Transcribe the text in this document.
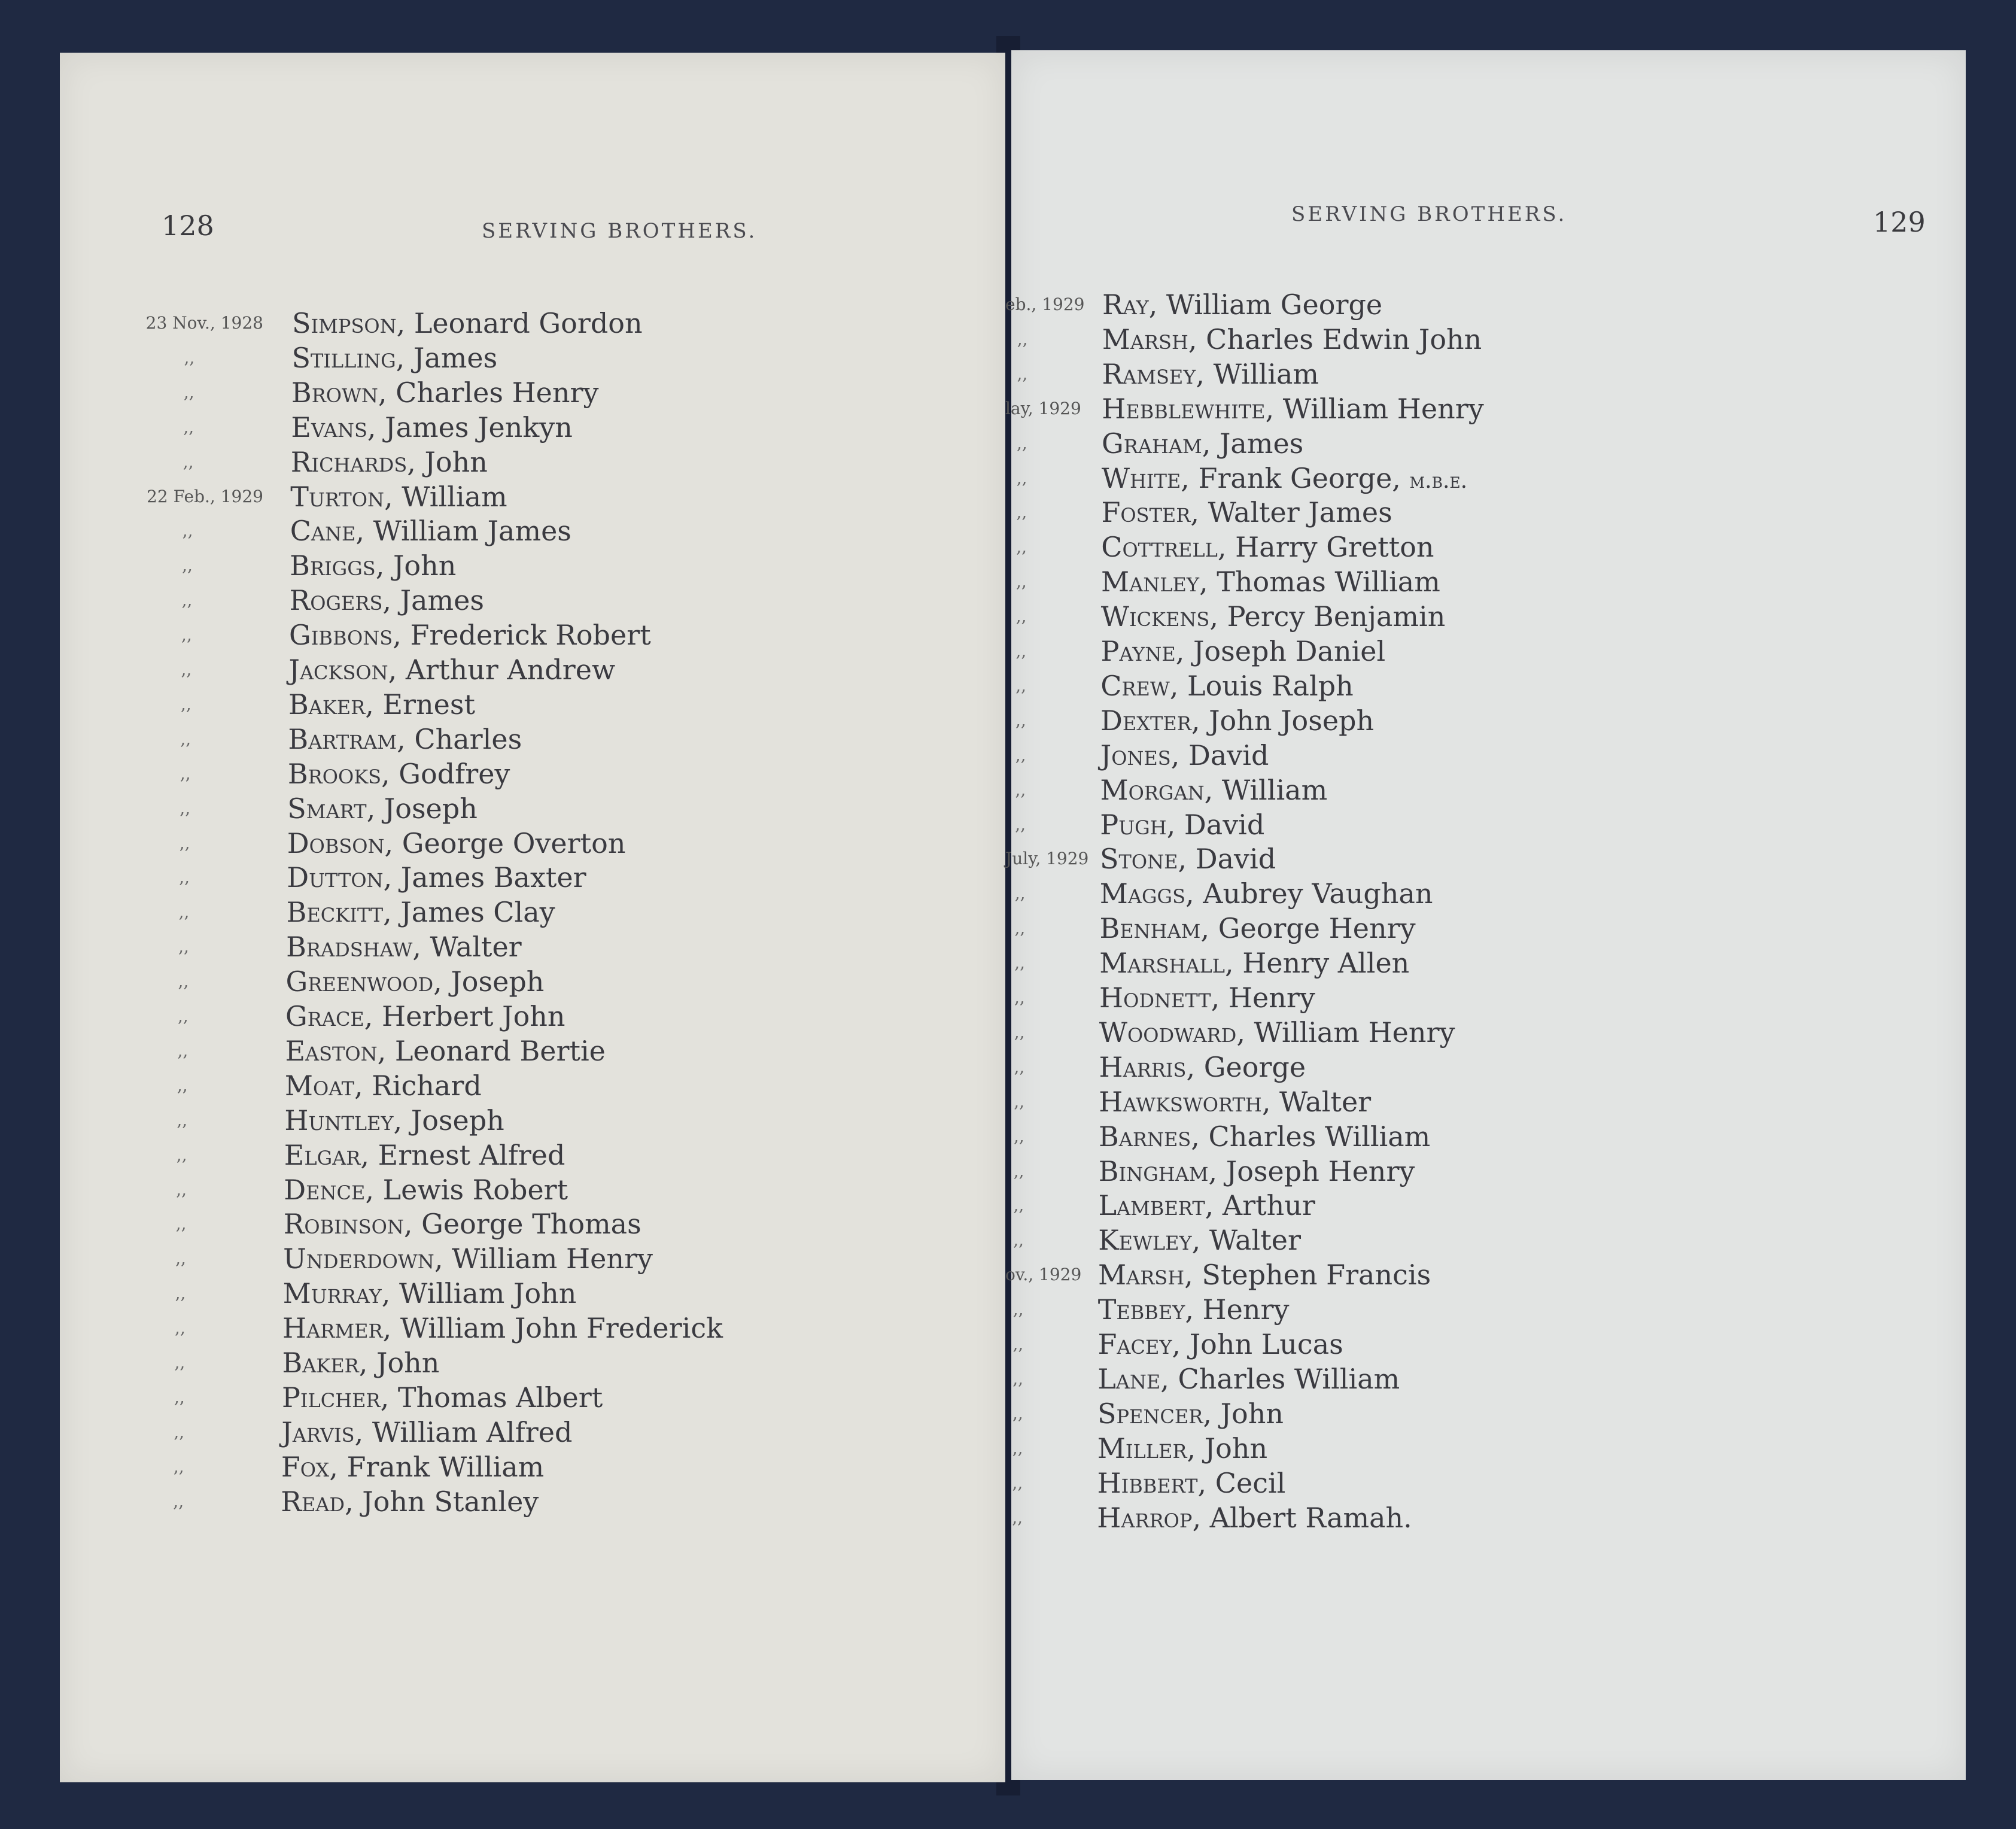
128	SERVING BROTHERS.
23 Nov., 1928 Simpson, Leonard Gordon
,,	Stilling, James
,,	Brown, Charles Henry
,,	Evans, James Jenkyn
,,	Richards, John
22 Feb., 1929 Turton, William
,,	Cane, William James
,,	Briggs, John
,,	Rogers, James
,,	Gibbons, Frederick Robert
,,	Jackson, Arthur Andrew
,,	Baker, Ernest
,,	Bartram, Charles
,,	Brooks, Godfrey
,,	Smart, Joseph
,,	Dobson, George Overton
,,	Dutton, James Baxter
,,	Beckitt, James Clay
,,	Bradshaw, Walter
,,	Greenwood, Joseph
,,	Grace, Herbert John
,,	Easton, Leonard Bertie
,,	Moat, Richard
,,	Huntley, Joseph
,,	Elgar, Ernest Alfred
,,	Dence, Lewis Robert
,,	Robinson, George Thomas
,,	Underdown, William Henry
,,	Murray, William John
,,	Harmer, William John Frederick
,,	Baker, John
,,	Pilcher, Thomas Albert
,,	Jarvis, William Alfred
,,	Fox, Frank William
,,	Read, John Stanley
SERVING BROTHERS.	129
eb., 1929 Ray, William George
,,	Marsh, Charles Edwin John
,,	Ramsey, William
lay, 1929 Hebblewhite, William Henry
,,	Graham, James
,,	White, Frank George, m.b.e.
,,	Foster, Walter James
,,	Cottrell, Harry Gretton
,,	Manley, Thomas William
,,	Wickens, Percy Benjamin
,,	Payne, Joseph Daniel
,,	Crew, Louis Ralph
,,	Dexter, John Joseph
,,	Jones, David
,,	Morgan, William
,,	Pugh, David
July, 1929 Stone, David
,,	Maggs, Aubrey Vaughan
,,	Benham, George Henry
,,	Marshall, Henry Allen
,,	Hodnett, Henry
,,	Woodward, William Henry
,,	Harris, George
,,	Hawksworth, Walter
,,	Barnes, Charles William
,,	Bingham, Joseph Henry
,,	Lambert, Arthur
,,	Kewley, Walter
ov., 1929 Marsh, Stephen Francis
,,	Tebbey, Henry
,,	Facey, John Lucas
,,	Lane, Charles William
,,	Spencer, John
,,	Miller, John
,,	Hibbert, Cecil
,,	Harrop, Albert Ramah.
